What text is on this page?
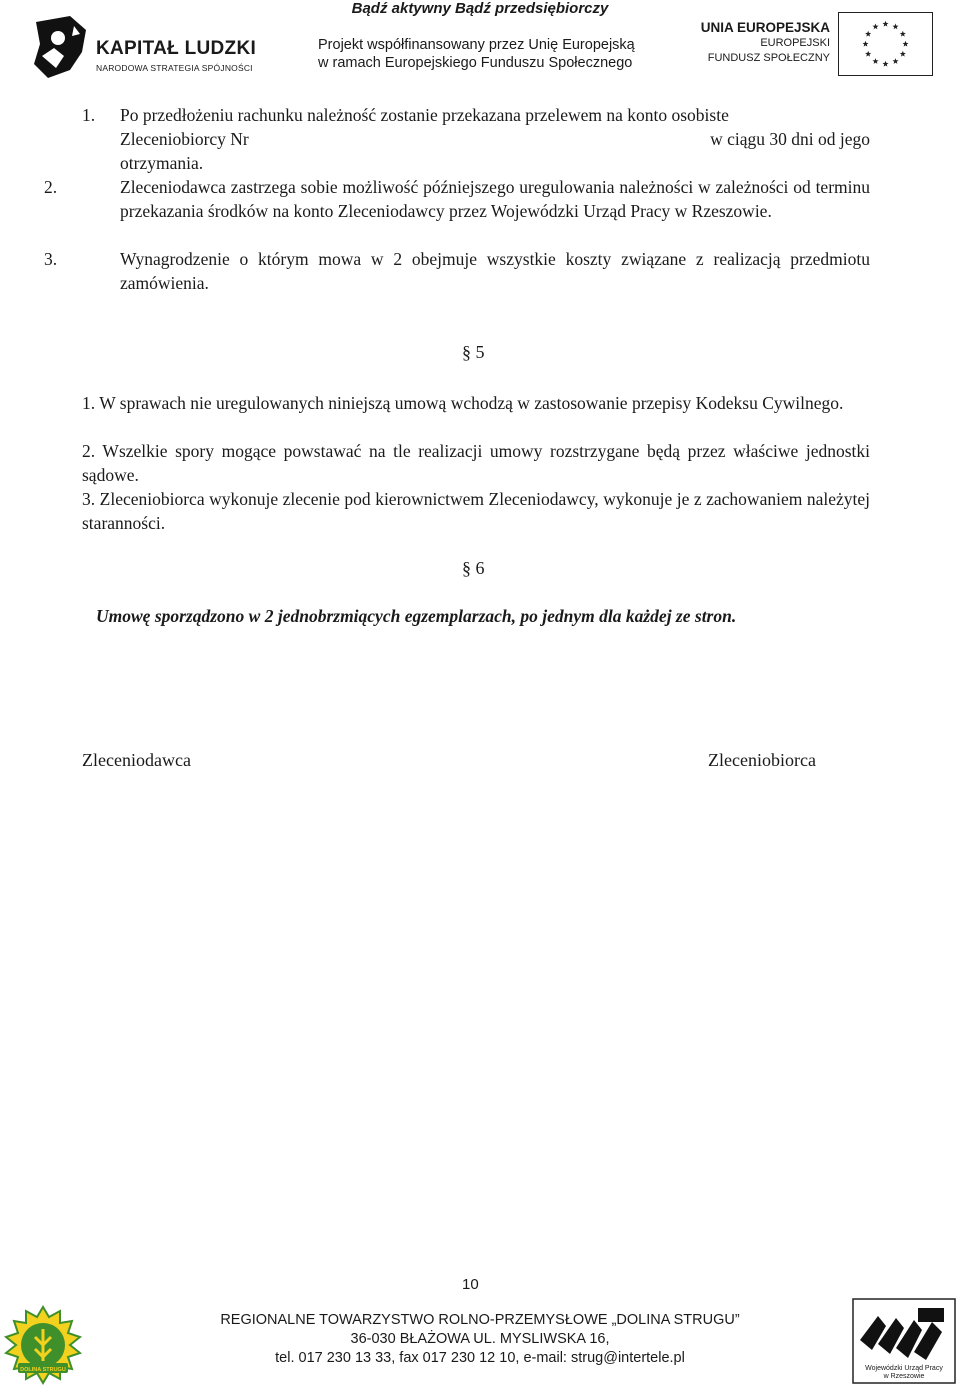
Bądź aktywny Bądź przedsiębiorczy
KAPITAŁ LUDZKI
NARODOWA STRATEGIA SPÓJNOŚCI
Projekt współfinansowany przez Unię Europejską
w ramach Europejskiego Funduszu Społecznego
UNIA EUROPEJSKA
EUROPEJSKI
FUNDUSZ SPOŁECZNY
1. Po przedłożeniu rachunku należność zostanie przekazana przelewem na konto osobiste
Zleceniobiorcy Nr	w ciągu 30 dni od jego
otrzymania.
2.	Zleceniodawca zastrzega sobie możliwość późniejszego uregulowania należności w zależności od terminu przekazania środków na konto Zleceniodawcy przez Wojewódzki Urząd Pracy w Rzeszowie.
3.	Wynagrodzenie o którym mowa w 2 obejmuje wszystkie koszty związane z realizacją przedmiotu zamówienia.
§ 5
1. W sprawach nie uregulowanych niniejszą umową wchodzą w zastosowanie przepisy Kodeksu Cywilnego.
2. Wszelkie spory mogące powstawać na tle realizacji umowy rozstrzygane będą przez właściwe jednostki sądowe.
3. Zleceniobiorca wykonuje zlecenie pod kierownictwem Zleceniodawcy, wykonuje je z zachowaniem należytej staranności.
§ 6
Umowę sporządzono w 2 jednobrzmiących egzemplarzach, po jednym dla każdej ze stron.
Zleceniodawca	Zleceniobiorca
10
DOLINA STRUGU
REGIONALNE TOWARZYSTWO ROLNO-PRZEMYSŁOWE „DOLINA STRUGU”
36-030 BŁAŻOWA UL. MYSLIWSKA 16,
tel. 017 230 13 33, fax 017 230 12 10, e-mail: strug@intertele.pl
Wojewódzki Urząd Pracy
w Rzeszowie
